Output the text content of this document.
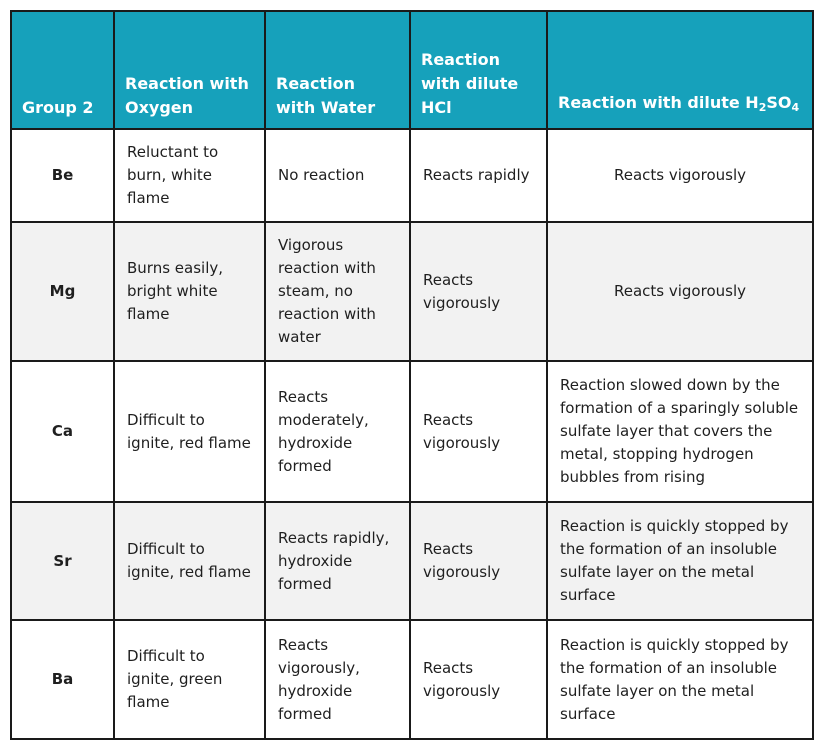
Group 2	Reaction with Oxygen	Reaction with Water	Reaction with dilute HCl	Reaction with dilute $H_2SO_4$
Be	Reluctant to burn, white flame	No reaction	Reacts rapidly	Reacts vigorously
Mg	Burns easily, bright white flame	Vigorous reaction with steam, no reaction with water	Reacts vigorously	Reacts vigorously
Ca	Difficult to ignite, red flame	Reacts moderately, hydroxide formed	Reacts vigorously	Reaction slowed down by the formation of a sparingly soluble sulfate layer that covers the metal, stopping hydrogen bubbles from rising
Sr	Difficult to ignite, red flame	Reacts rapidly, hydroxide formed	Reacts vigorously	Reaction is quickly stopped by the formation of an insoluble sulfate layer on the metal surface
Ba	Difficult to ignite, green flame	Reacts vigorously, hydroxide formed	Reacts vigorously	Reaction is quickly stopped by the formation of an insoluble sulfate layer on the metal surface
